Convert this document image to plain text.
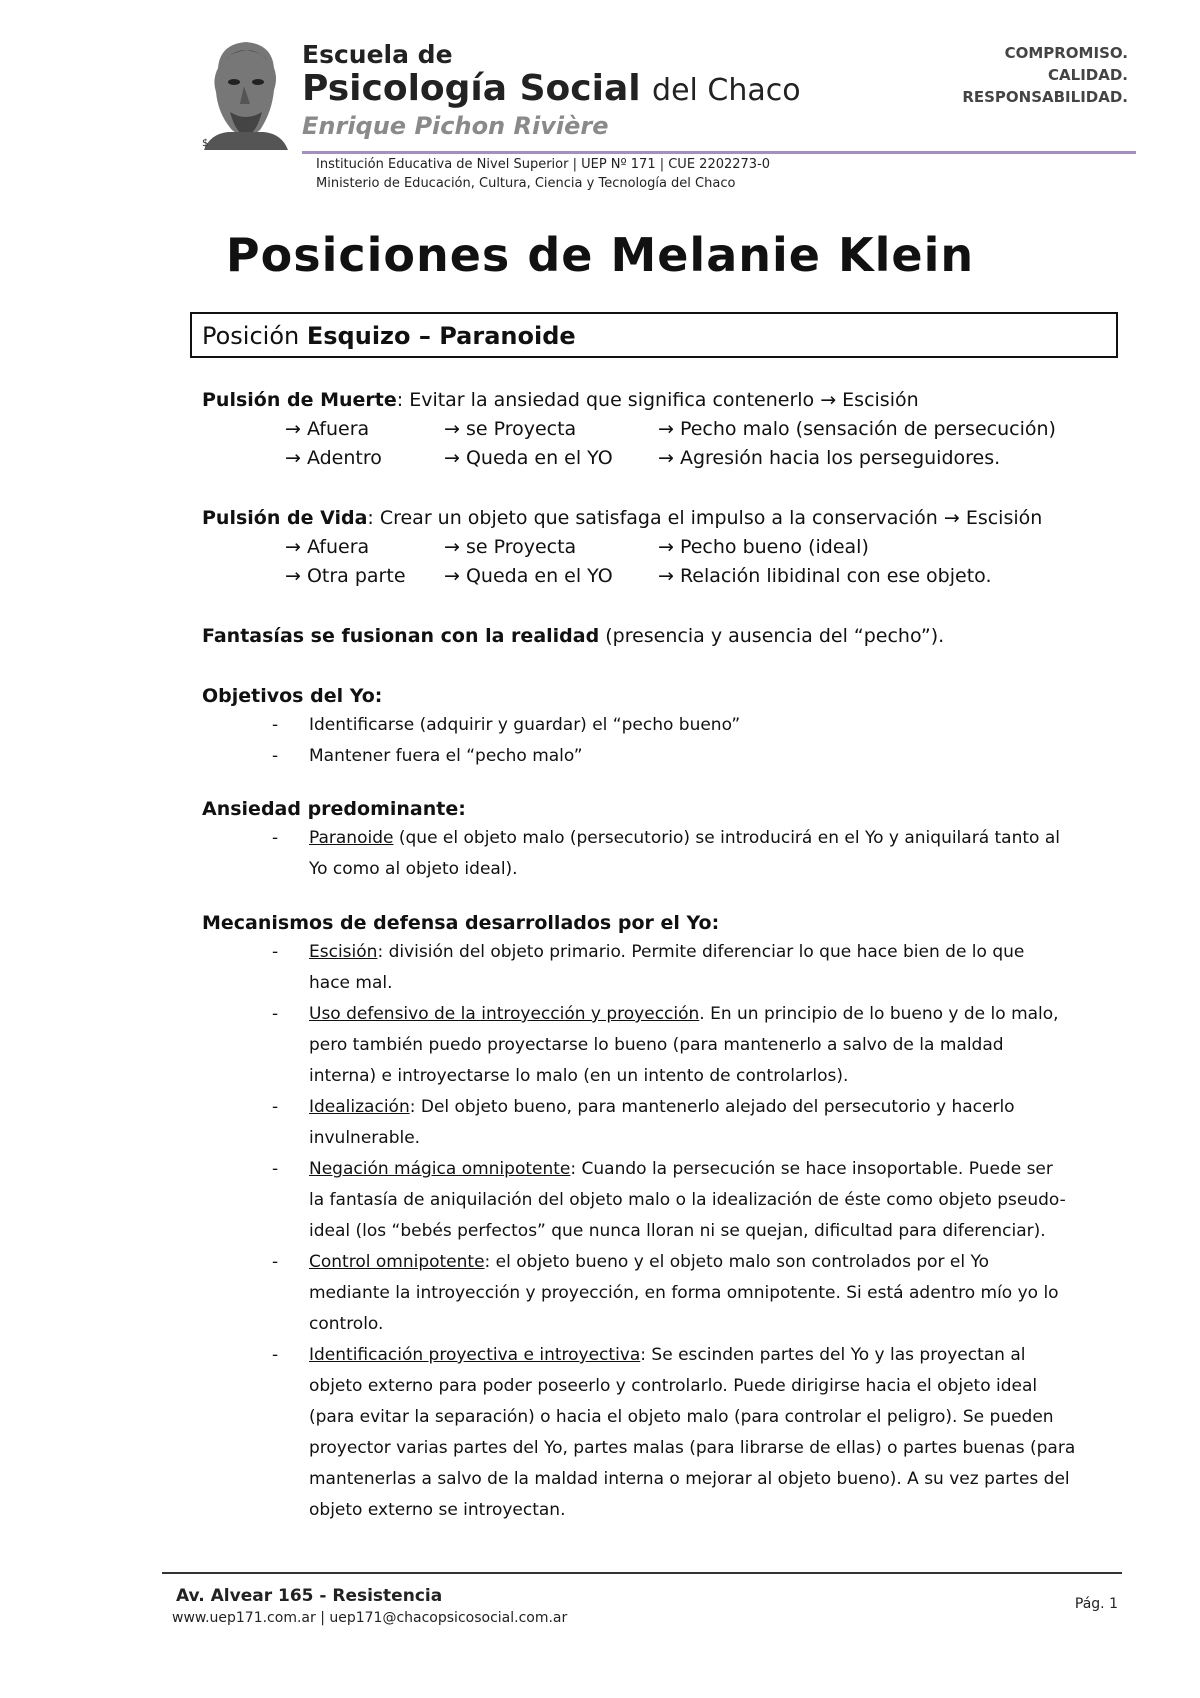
$
Escuela de
Psicología Social del Chaco
Enrique Pichon Rivière
COMPROMISO.
CALIDAD.
RESPONSABILIDAD.
Institución Educativa de Nivel Superior | UEP Nº 171 | CUE 2202273-0
Ministerio de Educación, Cultura, Ciencia y Tecnología del Chaco
Posiciones de Melanie Klein
Posición Esquizo – Paranoide
Pulsión de Muerte: Evitar la ansiedad que significa contenerlo → Escisión
→ Afuera	→ se Proyecta	→ Pecho malo (sensación de persecución)
→ Adentro	→ Queda en el YO → Agresión hacia los perseguidores.
Pulsión de Vida: Crear un objeto que satisfaga el impulso a la conservación → Escisión
→ Afuera	→ se Proyecta	→ Pecho bueno (ideal)
→ Otra parte → Queda en el YO → Relación libidinal con ese objeto.
Fantasías se fusionan con la realidad (presencia y ausencia del “pecho”).
Objetivos del Yo:
- Identificarse (adquirir y guardar) el “pecho bueno”
- Mantener fuera el “pecho malo”
Ansiedad predominante:
- Paranoide (que el objeto malo (persecutorio) se introducirá en el Yo y aniquilará tanto al
Yo como al objeto ideal).
Mecanismos de defensa desarrollados por el Yo:
- Escisión: división del objeto primario. Permite diferenciar lo que hace bien de lo que
hace mal.
- Uso defensivo de la introyección y proyección. En un principio de lo bueno y de lo malo,
pero también puedo proyectarse lo bueno (para mantenerlo a salvo de la maldad
interna) e introyectarse lo malo (en un intento de controlarlos).
- Idealización: Del objeto bueno, para mantenerlo alejado del persecutorio y hacerlo
invulnerable.
- Negación mágica omnipotente: Cuando la persecución se hace insoportable. Puede ser
la fantasía de aniquilación del objeto malo o la idealización de éste como objeto pseudo-
ideal (los “bebés perfectos” que nunca lloran ni se quejan, dificultad para diferenciar).
- Control omnipotente: el objeto bueno y el objeto malo son controlados por el Yo
mediante la introyección y proyección, en forma omnipotente. Si está adentro mío yo lo
controlo.
- Identificación proyectiva e introyectiva: Se escinden partes del Yo y las proyectan al
objeto externo para poder poseerlo y controlarlo. Puede dirigirse hacia el objeto ideal
(para evitar la separación) o hacia el objeto malo (para controlar el peligro). Se pueden
proyector varias partes del Yo, partes malas (para librarse de ellas) o partes buenas (para
mantenerlas a salvo de la maldad interna o mejorar al objeto bueno). A su vez partes del
objeto externo se introyectan.
Av. Alvear 165 - Resistencia
www.uep171.com.ar | uep171@chacopsicosocial.com.ar
Pág. 1
